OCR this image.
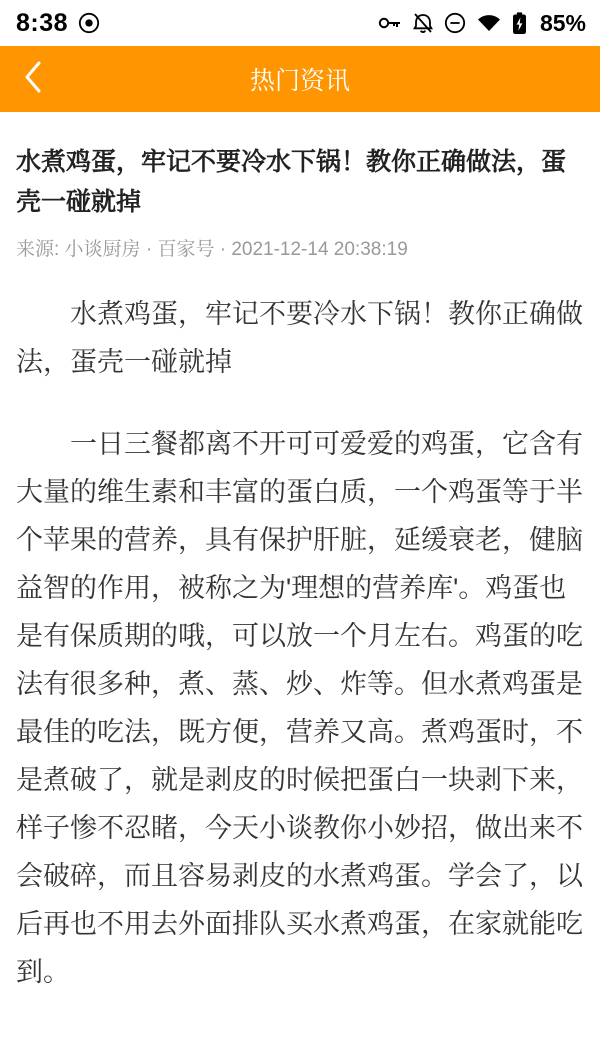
8:38	85%
热门资讯
水煮鸡蛋，牢记不要冷水下锅！教你正确做法，蛋壳一碰就掉
来源: 小谈厨房 · 百家号 · 2021-12-14 20:38:19
水煮鸡蛋，牢记不要冷水下锅！教你正确做法，蛋壳一碰就掉
一日三餐都离不开可可爱爱的鸡蛋，它含有大量的维生素和丰富的蛋白质，一个鸡蛋等于半个苹果的营养，具有保护肝脏，延缓衰老，健脑益智的作用，被称之为'理想的营养库'。鸡蛋也是有保质期的哦，可以放一个月左右。鸡蛋的吃法有很多种，煮、蒸、炒、炸等。但水煮鸡蛋是最佳的吃法，既方便，营养又高。煮鸡蛋时，不是煮破了，就是剥皮的时候把蛋白一块剥下来，样子惨不忍睹，今天小谈教你小妙招，做出来不会破碎，而且容易剥皮的水煮鸡蛋。学会了，以后再也不用去外面排队买水煮鸡蛋，在家就能吃到。
